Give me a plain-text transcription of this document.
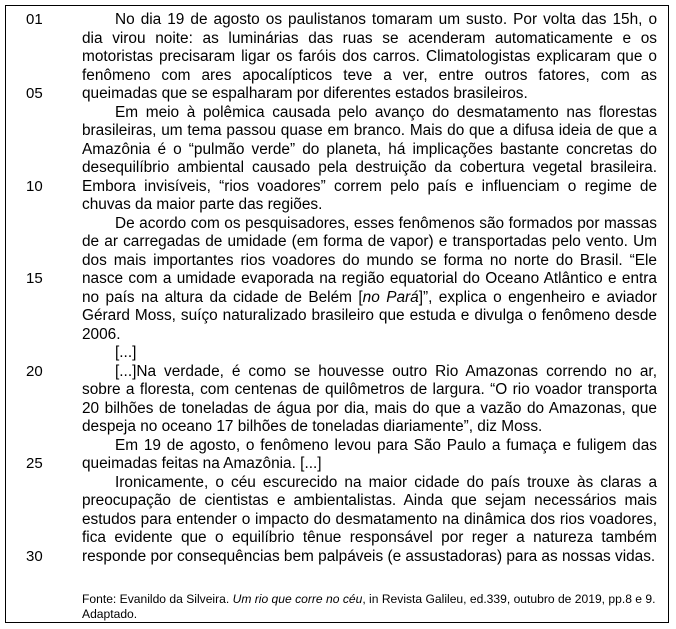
01
05
10
15
20
25
30

No dia 19 de agosto os paulistanos tomaram um susto. Por volta das 15h, o dia virou noite: as luminárias das ruas se acenderam automaticamente e os motoristas precisaram ligar os faróis dos carros. Climatologistas explicaram que o fenômeno com ares apocalípticos teve a ver, entre outros fatores, com as queimadas que se espalharam por diferentes estados brasileiros.

Em meio à polêmica causada pelo avanço do desmatamento nas florestas brasileiras, um tema passou quase em branco. Mais do que a difusa ideia de que a Amazônia é o “pulmão verde” do planeta, há implicações bastante concretas do desequilíbrio ambiental causado pela destruição da cobertura vegetal brasileira. Embora invisíveis, “rios voadores” correm pelo país e influenciam o regime de chuvas da maior parte das regiões.

De acordo com os pesquisadores, esses fenômenos são formados por massas de ar carregadas de umidade (em forma de vapor) e transportadas pelo vento. Um dos mais importantes rios voadores do mundo se forma no norte do Brasil. “Ele nasce com a umidade evaporada na região equatorial do Oceano Atlântico e entra no país na altura da cidade de Belém [no Pará]”, explica o engenheiro e aviador Gérard Moss, suíço naturalizado brasileiro que estuda e divulga o fenômeno desde 2006.

[...]

[...]Na verdade, é como se houvesse outro Rio Amazonas correndo no ar, sobre a floresta, com centenas de quilômetros de largura. “O rio voador transporta 20 bilhões de toneladas de água por dia, mais do que a vazão do Amazonas, que despeja no oceano 17 bilhões de toneladas diariamente”, diz Moss.

Em 19 de agosto, o fenômeno levou para São Paulo a fumaça e fuligem das queimadas feitas na Amazônia. [...]

Ironicamente, o céu escurecido na maior cidade do país trouxe às claras a preocupação de cientistas e ambientalistas. Ainda que sejam necessários mais estudos para entender o impacto do desmatamento na dinâmica dos rios voadores, fica evidente que o equilíbrio tênue responsável por reger a natureza também responde por consequências bem palpáveis (e assustadoras) para as nossas vidas.

Fonte: Evanildo da Silveira. Um rio que corre no céu, in Revista Galileu, ed.339, outubro de 2019, pp.8 e 9. Adaptado.
